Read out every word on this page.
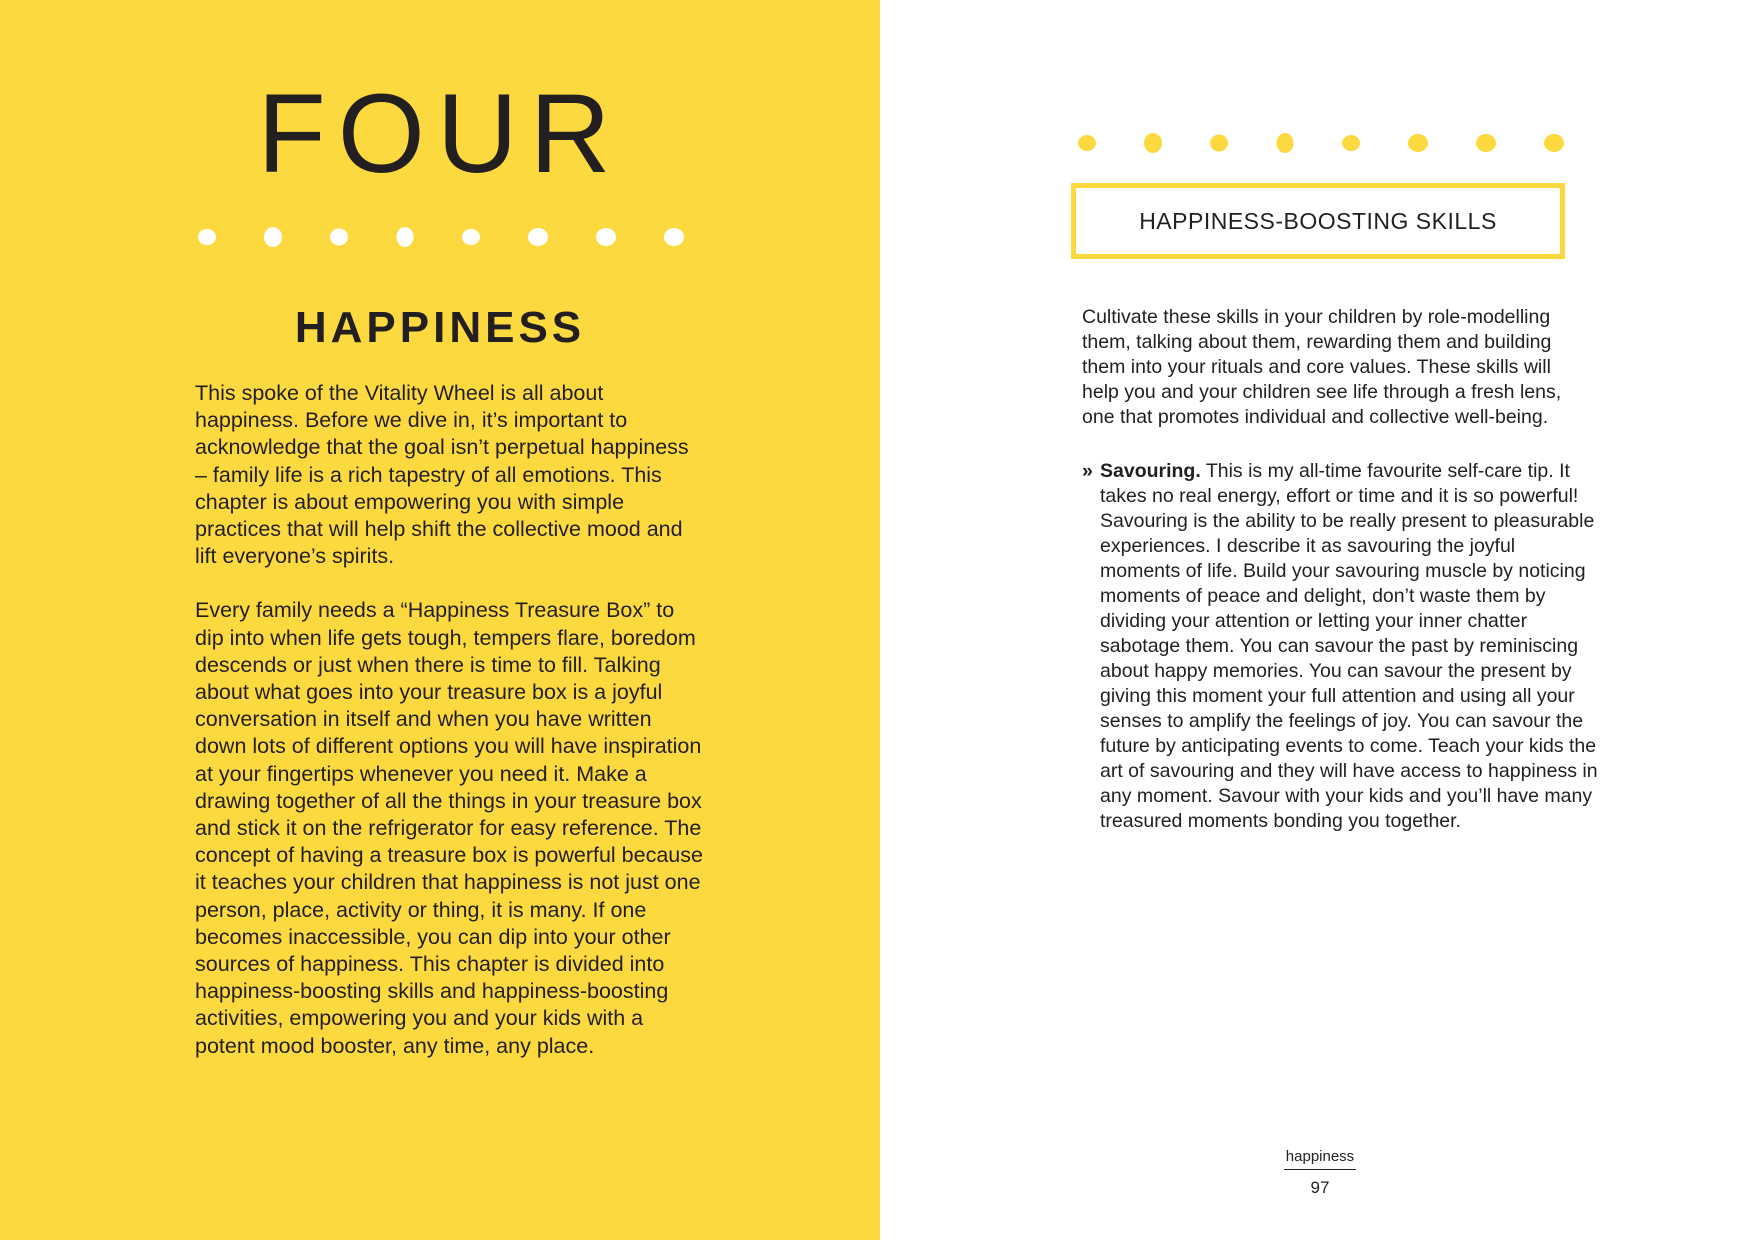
FOUR
HAPPINESS

This spoke of the Vitality Wheel is all about happiness. Before we dive in, it’s important to acknowledge that the goal isn’t perpetual happiness – family life is a rich tapestry of all emotions. This chapter is about empowering you with simple practices that will help shift the collective mood and lift everyone’s spirits.

Every family needs a “Happiness Treasure Box” to dip into when life gets tough, tempers flare, boredom descends or just when there is time to fill. Talking about what goes into your treasure box is a joyful conversation in itself and when you have written down lots of different options you will have inspiration at your fingertips whenever you need it. Make a drawing together of all the things in your treasure box and stick it on the refrigerator for easy reference. The concept of having a treasure box is powerful because it teaches your children that happiness is not just one person, place, activity or thing, it is many. If one becomes inaccessible, you can dip into your other sources of happiness. This chapter is divided into happiness-boosting skills and happiness-boosting activities, empowering you and your kids with a potent mood booster, any time, any place.

HAPPINESS-BOOSTING SKILLS
Cultivate these skills in your children by role-modelling them, talking about them, rewarding them and building them into your rituals and core values. These skills will help you and your children see life through a fresh lens, one that promotes individual and collective well-being.
» Savouring. This is my all-time favourite self-care tip. It takes no real energy, effort or time and it is so powerful! Savouring is the ability to be really present to pleasurable experiences. I describe it as savouring the joyful moments of life. Build your savouring muscle by noticing moments of peace and delight, don’t waste them by dividing your attention or letting your inner chatter sabotage them. You can savour the past by reminiscing about happy memories. You can savour the present by giving this moment your full attention and using all your senses to amplify the feelings of joy. You can savour the future by anticipating events to come. Teach your kids the art of savouring and they will have access to happiness in any moment. Savour with your kids and you’ll have many treasured moments bonding you together.
happiness
97
